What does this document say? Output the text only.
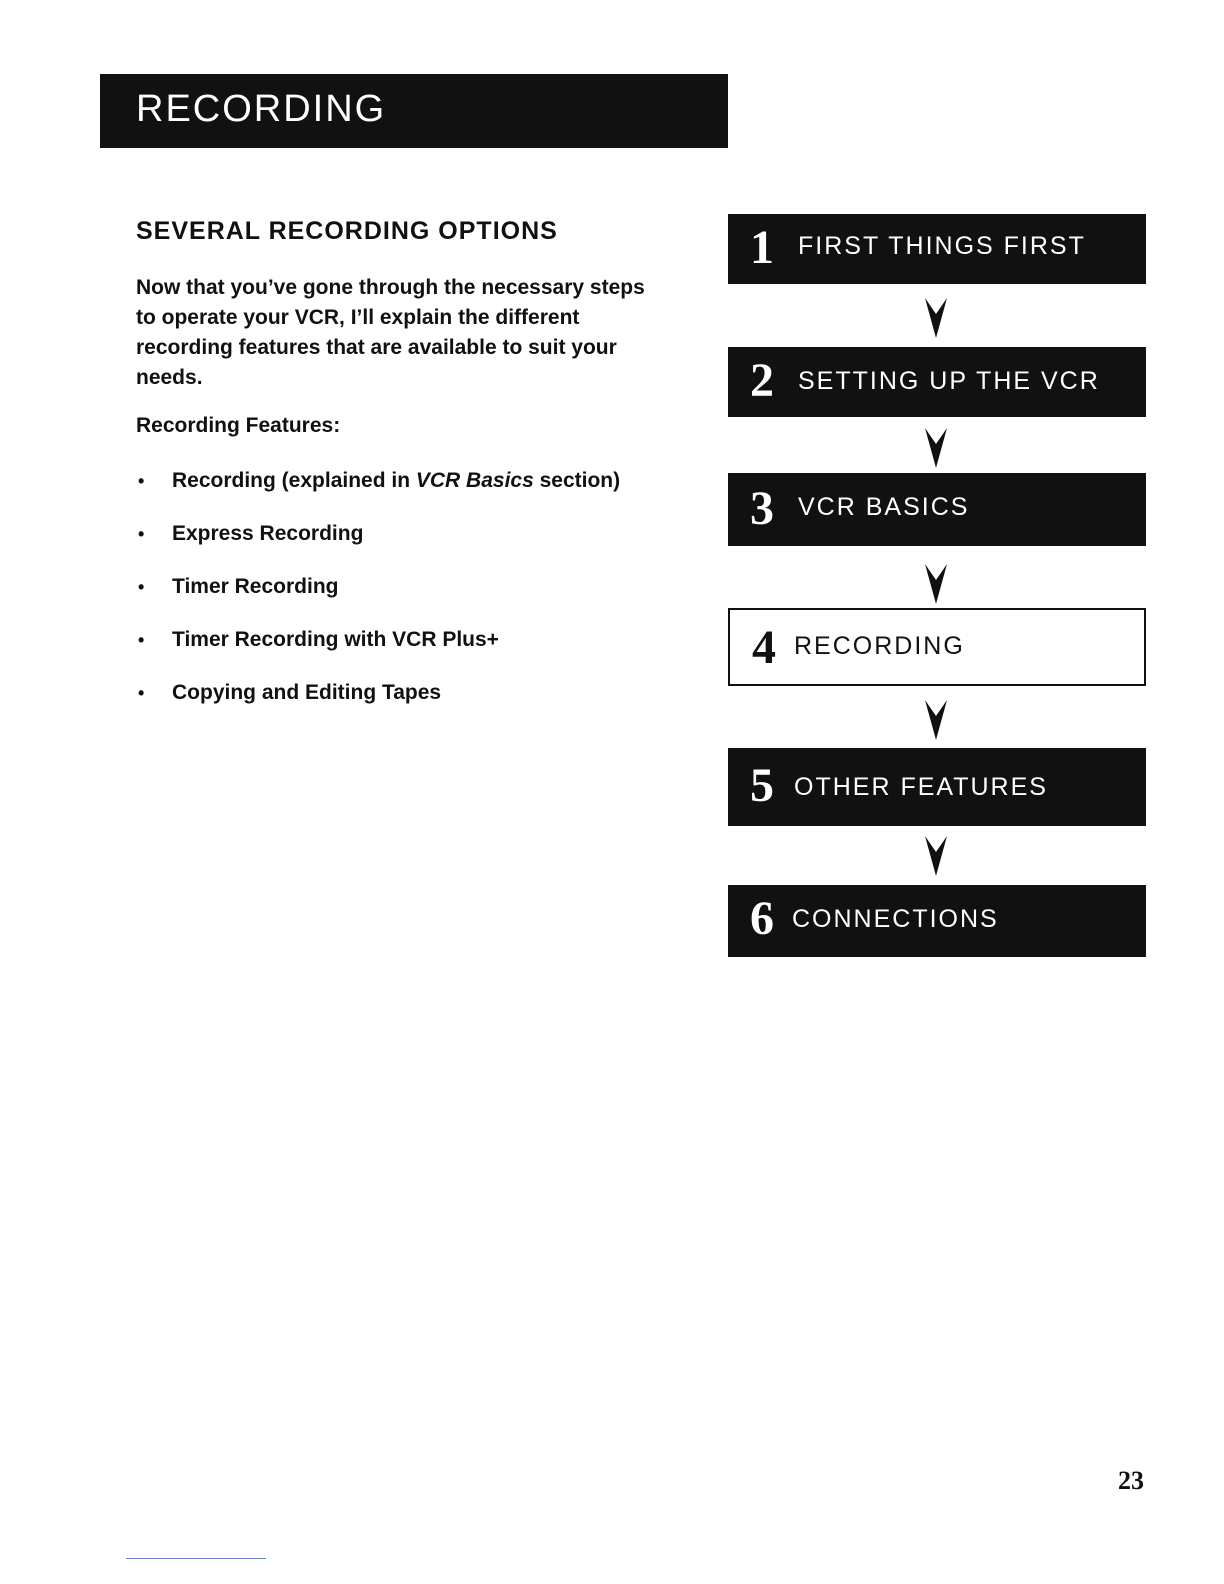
RECORDING
SEVERAL RECORDING OPTIONS
Now that you’ve gone through the necessary steps to operate your VCR, I’ll explain the different recording features that are available to suit your needs.
Recording Features:
• Recording (explained in VCR Basics section)
• Express Recording
• Timer Recording
• Timer Recording with VCR Plus+
• Copying and Editing Tapes
1 FIRST THINGS FIRST
2 SETTING UP THE VCR
3 VCR BASICS
4 RECORDING
5 OTHER FEATURES
6 CONNECTIONS
23
